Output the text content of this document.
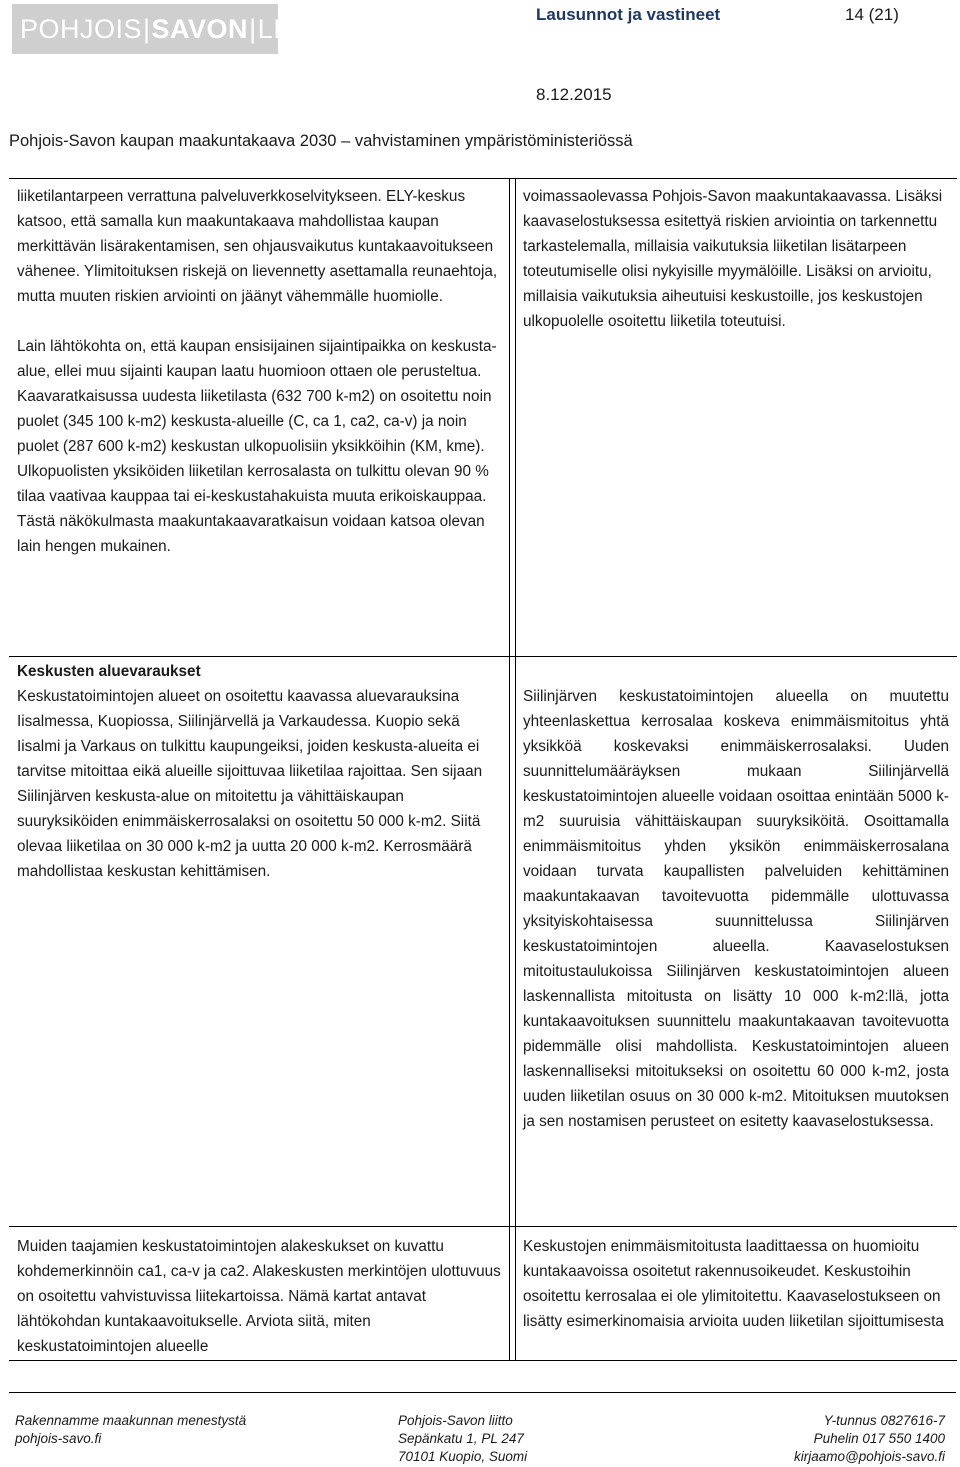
POHJOIS | SAVON | LIITTO	Lausunnot ja vastineet	14 (21)
8.12.2015
Pohjois-Savon kaupan maakuntakaava 2030 – vahvistaminen ympäristöministeriössä

liiketilantarpeen verrattuna palveluverkkoselvitykseen. ELY-keskus katsoo, että samalla kun maakuntakaava mahdollistaa kaupan merkittävän lisärakentamisen, sen ohjausvaikutus kuntakaavoitukseen vähenee. Ylimitoituksen riskejä on lievennetty asettamalla reunaehtoja, mutta muuten riskien arviointi on jäänyt vähemmälle huomiolle.

Lain lähtökohta on, että kaupan ensisijainen sijaintipaikka on keskusta-alue, ellei muu sijainti kaupan laatu huomioon ottaen ole perusteltua. Kaavaratkaisussa uudesta liiketilasta (632 700 k-m2) on osoitettu noin puolet (345 100 k-m2) keskusta-alueille (C, ca 1, ca2, ca-v) ja noin puolet (287 600 k-m2) keskustan ulkopuolisiin yksikköihin (KM, kme). Ulkopuolisten yksiköiden liiketilan kerrosalasta on tulkittu olevan 90 % tilaa vaativaa kauppaa tai ei-keskustahakuista muuta erikoiskauppaa. Tästä näkökulmasta maakuntakaavaratkaisun voidaan katsoa olevan lain hengen mukainen.

voimassaolevassa Pohjois-Savon maakuntakaavassa. Lisäksi kaavaselostuksessa esitettyä riskien arviointia on tarkennettu tarkastelemalla, millaisia vaikutuksia liiketilan lisätarpeen toteutumiselle olisi nykyisille myymälöille. Lisäksi on arvioitu, millaisia vaikutuksia aiheutuisi keskustoille, jos keskustojen ulkopuolelle osoitettu liiketila toteutuisi.

Keskusten aluevaraukset
Keskustatoimintojen alueet on osoitettu kaavassa aluevarauksina Iisalmessa, Kuopiossa, Siilinjärvellä ja Varkaudessa. Kuopio sekä Iisalmi ja Varkaus on tulkittu kaupungeiksi, joiden keskusta-alueita ei tarvitse mitoittaa eikä alueille sijoittuvaa liiketilaa rajoittaa. Sen sijaan Siilinjärven keskusta-alue on mitoitettu ja vähittäiskaupan suuryksiköiden enimmäiskerrosalaksi on osoitettu 50 000 k-m2. Siitä olevaa liiketilaa on 30 000 k-m2 ja uutta 20 000 k-m2. Kerrosmäärä mahdollistaa keskustan kehittämisen.
Siilinjärven keskustatoimintojen alueella on muutettu yhteenlaskettua kerrosalaa koskeva enimmäismitoitus yhtä yksikköä koskevaksi enimmäiskerrosalaksi. Uuden suunnittelumääräyksen mukaan Siilinjärvellä keskustatoimintojen alueelle voidaan osoittaa enintään 5000 k-m2 suuruisia vähittäiskaupan suuryksiköitä. Osoittamalla enimmäismitoitus yhden yksikön enimmäiskerrosalana voidaan turvata kaupallisten palveluiden kehittäminen maakuntakaavan tavoitevuotta pidemmälle ulottuvassa yksityiskohtaisessa suunnittelussa Siilinjärven keskustatoimintojen alueella. Kaavaselostuksen mitoitustaulukoissa Siilinjärven keskustatoimintojen alueen laskennallista mitoitusta on lisätty 10 000 k-m2:llä, jotta kuntakaavoituksen suunnittelu maakuntakaavan tavoitevuotta pidemmälle olisi mahdollista. Keskustatoimintojen alueen laskennalliseksi mitoitukseksi on osoitettu 60 000 k-m2, josta uuden liiketilan osuus on 30 000 k-m2. Mitoituksen muutoksen ja sen nostamisen perusteet on esitetty kaavaselostuksessa.
Muiden taajamien keskustatoimintojen alakeskukset on kuvattu kohdemerkinnöin ca1, ca-v ja ca2. Alakeskusten merkintöjen ulottuvuus on osoitettu vahvistuvissa liitekartoissa. Nämä kartat antavat lähtökohdan kuntakaavoitukselle. Arviota siitä, miten keskustatoimintojen alueelle
Keskustojen enimmäismitoitusta laadittaessa on huomioitu kuntakaavoissa osoitetut rakennusoikeudet. Keskustoihin osoitettu kerrosalaa ei ole ylimitoitettu. Kaavaselostukseen on lisätty esimerkinomaisia arvioita uuden liiketilan sijoittumisesta
Rakennamme maakunnan menestystä
pohjois-savo.fi
Pohjois-Savon liitto
Sepänkatu 1, PL 247
70101 Kuopio, Suomi
Y-tunnus 0827616-7
Puhelin 017 550 1400
kirjaamo@pohjois-savo.fi
